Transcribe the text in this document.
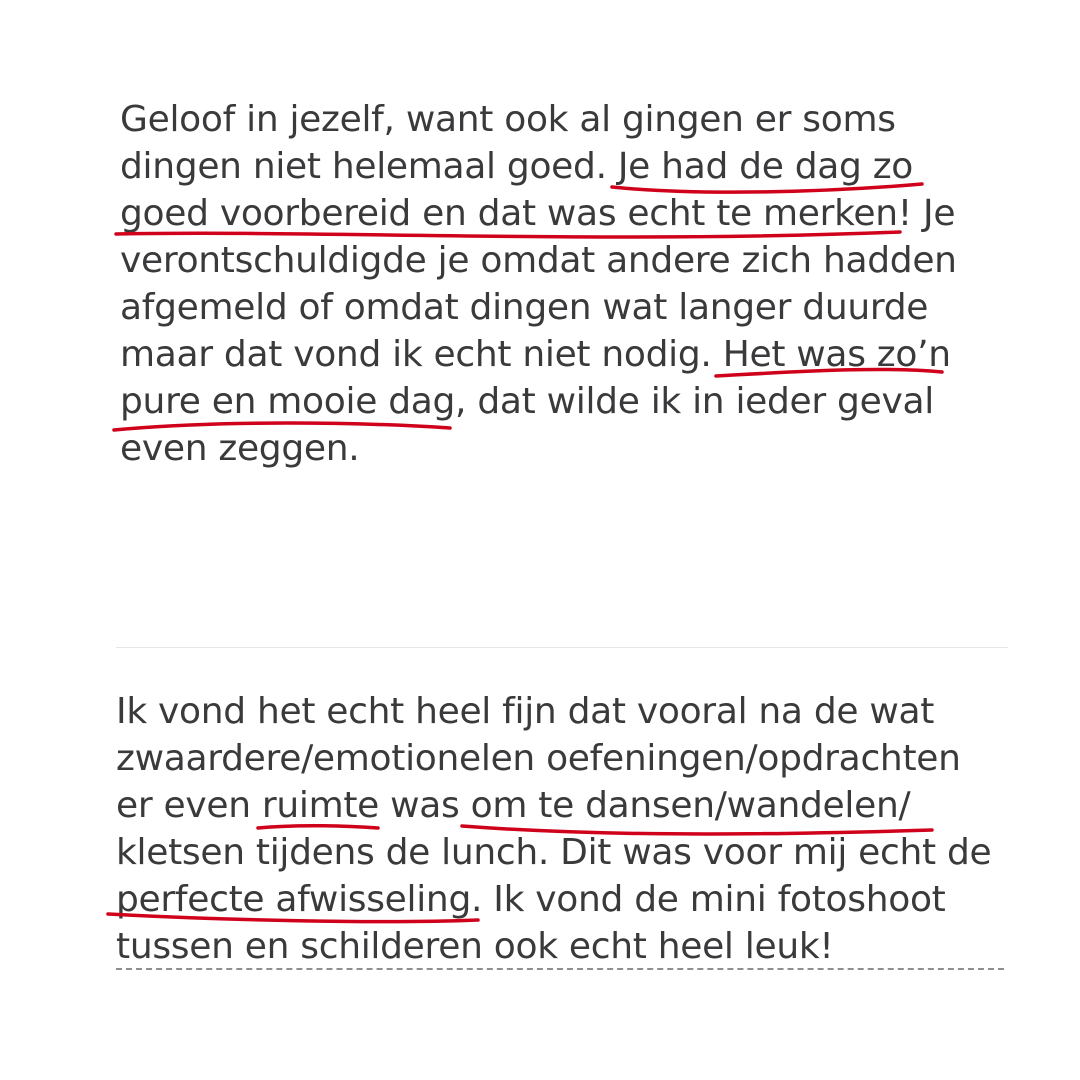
Geloof in jezelf, want ook al gingen er soms
dingen niet helemaal goed. Je had de dag zo
goed voorbereid en dat was echt te merken! Je
verontschuldigde je omdat andere zich hadden
afgemeld of omdat dingen wat langer duurde
maar dat vond ik echt niet nodig. Het was zo’n
pure en mooie dag, dat wilde ik in ieder geval
even zeggen.
Ik vond het echt heel fijn dat vooral na de wat
zwaardere/emotionelen oefeningen/opdrachten
er even ruimte was om te dansen/wandelen/
kletsen tijdens de lunch. Dit was voor mij echt de
perfecte afwisseling. Ik vond de mini fotoshoot
tussen en schilderen ook echt heel leuk!
